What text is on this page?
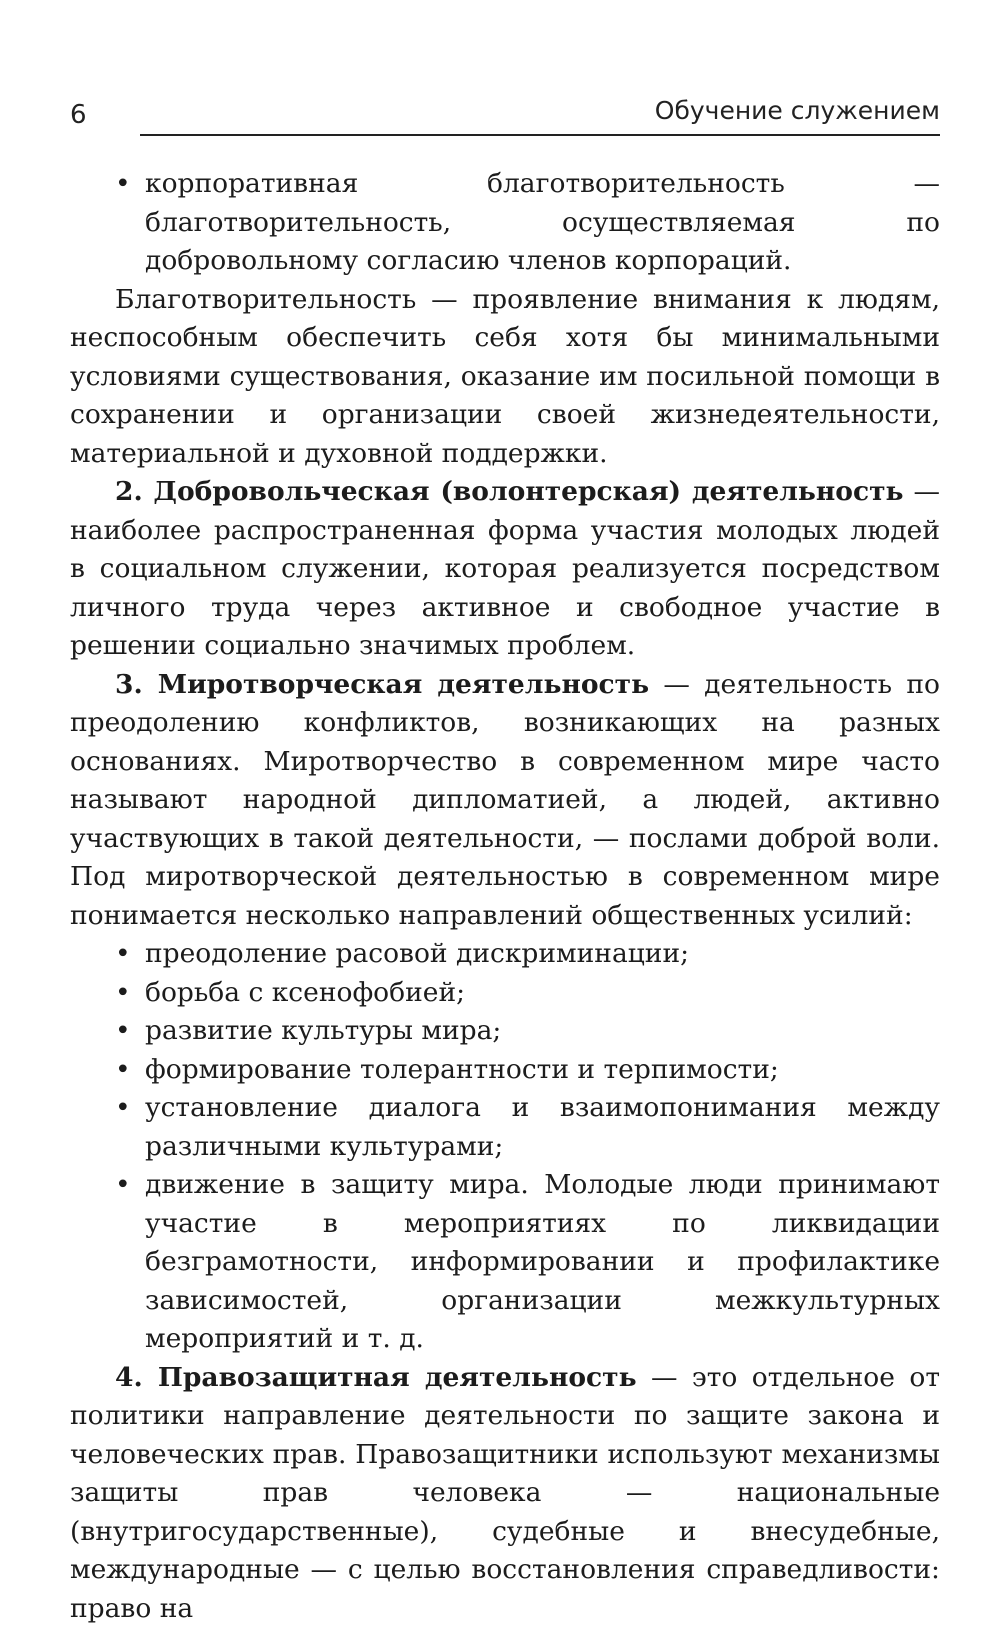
6	Обучение служением
• корпоративная благотворительность — благотворительность, осуществляемая по добровольному согласию членов корпораций.

Благотворительность — проявление внимания к людям, неспособным обеспечить себя хотя бы минимальными условиями существования, оказание им посильной помощи в сохранении и организации своей жизнедеятельности, материальной и духовной поддержки.

2. Добровольческая (волонтерская) деятельность — наиболее распространенная форма участия молодых людей в социальном служении, которая реализуется посредством личного труда через активное и свободное участие в решении социально значимых проблем.

3. Миротворческая деятельность — деятельность по преодолению конфликтов, возникающих на разных основаниях. Миротворчество в современном мире часто называют народной дипломатией, а людей, активно участвующих в такой деятельности, — послами доброй воли. Под миротворческой деятельностью в современном мире понимается несколько направлений общественных усилий:

• преодоление расовой дискриминации;
• борьба с ксенофобией;
• развитие культуры мира;
• формирование толерантности и терпимости;
• установление диалога и взаимопонимания между различными культурами;
• движение в защиту мира. Молодые люди принимают участие в мероприятиях по ликвидации безграмотности, информировании и профилактике зависимостей, организации межкультурных мероприятий и т. д.

4. Правозащитная деятельность — это отдельное от политики направление деятельности по защите закона и человеческих прав. Правозащитники используют механизмы защиты прав человека — национальные (внутригосударственные), судебные и внесудебные, международные — с целью восстановления справедливости: право на
